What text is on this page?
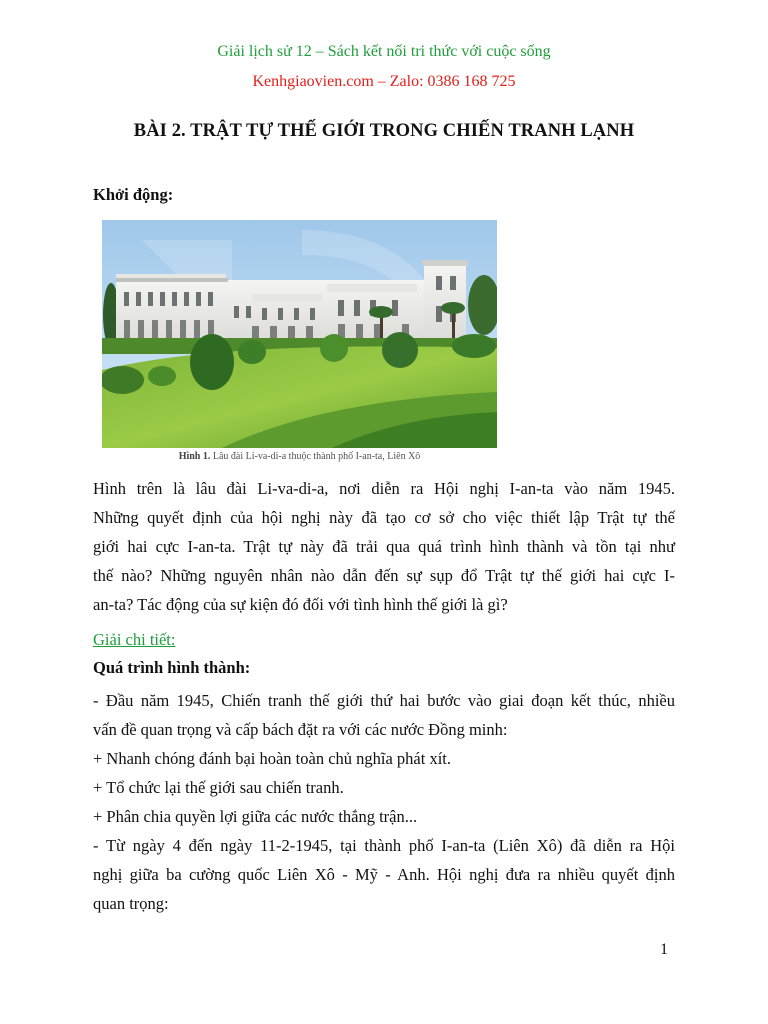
Giải lịch sử 12 – Sách kết nối tri thức với cuộc sống
Kenhgiaovien.com – Zalo: 0386 168 725
BÀI 2. TRẬT TỰ THẾ GIỚI TRONG CHIẾN TRANH LẠNH
Khởi động:
Hình 1. Lâu đài Li-va-di-a thuộc thành phố I-an-ta, Liên Xô
Hình trên là lâu đài Li-va-di-a, nơi diễn ra Hội nghị I-an-ta vào năm 1945.
Những quyết định của hội nghị này đã tạo cơ sở cho việc thiết lập Trật tự thế
giới hai cực I-an-ta. Trật tự này đã trải qua quá trình hình thành và tồn tại như
thế nào? Những nguyên nhân nào dẫn đến sự sụp đổ Trật tự thế giới hai cực I-
an-ta? Tác động của sự kiện đó đối với tình hình thế giới là gì?
Giải chi tiết:
Quá trình hình thành:
- Đầu năm 1945, Chiến tranh thế giới thứ hai bước vào giai đoạn kết thúc, nhiều
vấn đề quan trọng và cấp bách đặt ra với các nước Đồng minh:
+ Nhanh chóng đánh bại hoàn toàn chủ nghĩa phát xít.
+ Tổ chức lại thế giới sau chiến tranh.
+ Phân chia quyền lợi giữa các nước thắng trận...
- Từ ngày 4 đến ngày 11-2-1945, tại thành phố I-an-ta (Liên Xô) đã diễn ra Hội
nghị giữa ba cường quốc Liên Xô - Mỹ - Anh. Hội nghị đưa ra nhiều quyết định
quan trọng:
1
